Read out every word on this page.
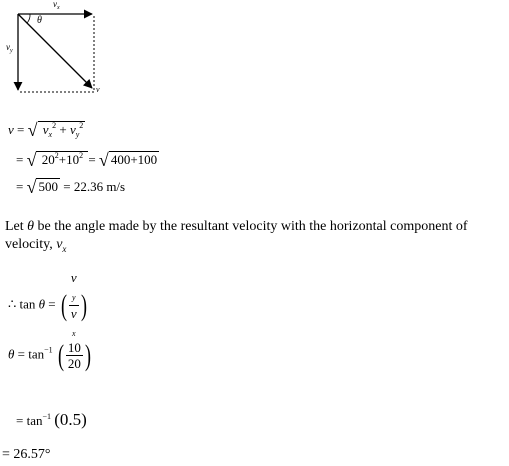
$v_x$
θ
$v_y$
v
v = √ $v_x^2 + v_y^2$
= √ $20^2+10^2$ = √ 400+100
= √ 500 = 22.36 m/s
Let θ be the angle made by the resultant velocity with the horizontal component of velocity, $v_x$
∴ tan θ = ( v
$_y$
v
$_x$ )
$\theta = \tan^{-1}$ ( $\frac{10}{20}$ )
= $\tan^{-1} (0.5)$
= 26.57°
